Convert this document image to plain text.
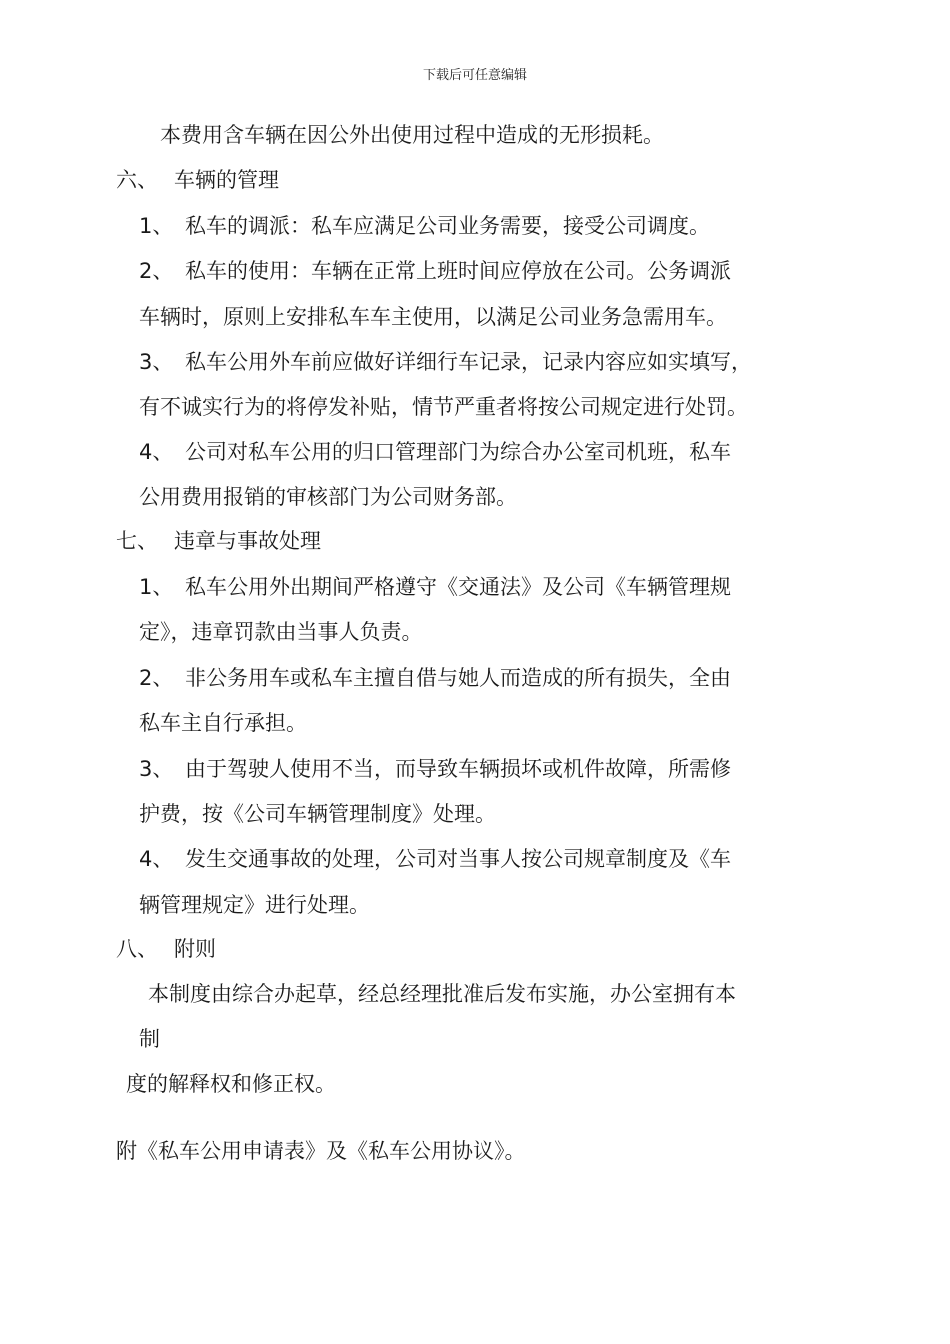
下载后可任意编辑
本费用含车辆在因公外出使用过程中造成的无形损耗。
六、 车辆的管理
1、 私车的调派：私车应满足公司业务需要，接受公司调度。
2、 私车的使用：车辆在正常上班时间应停放在公司。公务调派
车辆时，原则上安排私车车主使用，以满足公司业务急需用车。
3、 私车公用外车前应做好详细行车记录，记录内容应如实填写，
有不诚实行为的将停发补贴，情节严重者将按公司规定进行处罚。
4、 公司对私车公用的归口管理部门为综合办公室司机班，私车
公用费用报销的审核部门为公司财务部。
七、 违章与事故处理
1、 私车公用外出期间严格遵守《交通法》及公司《车辆管理规
定》，违章罚款由当事人负责。
2、 非公务用车或私车主擅自借与她人而造成的所有损失，全由
私车主自行承担。
3、 由于驾驶人使用不当，而导致车辆损坏或机件故障，所需修
护费，按《公司车辆管理制度》处理。
4、 发生交通事故的处理，公司对当事人按公司规章制度及《车
辆管理规定》进行处理。
八、 附则
本制度由综合办起草，经总经理批准后发布实施，办公室拥有本
制
度的解释权和修正权。
附《私车公用申请表》及《私车公用协议》。
